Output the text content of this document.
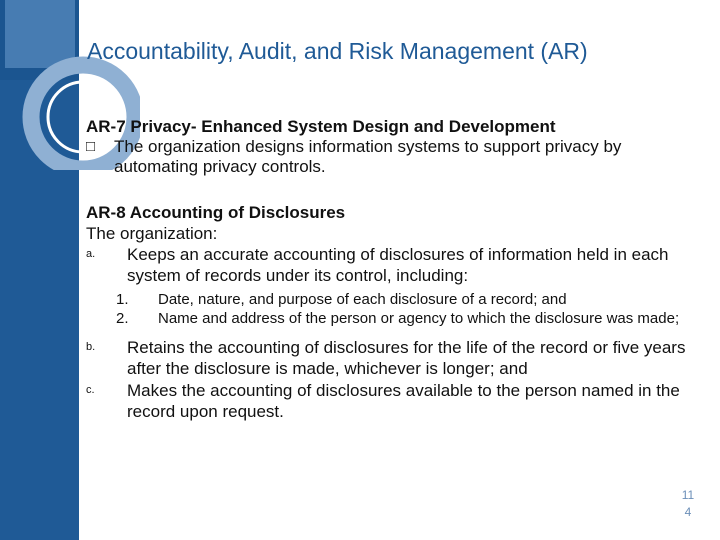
Accountability, Audit, and Risk Management (AR)
AR-7 Privacy- Enhanced System Design and Development
□	The organization designs information systems to support privacy by automating privacy controls.
AR-8 Accounting of Disclosures
The organization:
a. Keeps an accurate accounting of disclosures of information held in each system of records under its control, including:
1. Date, nature, and purpose of each disclosure of a record; and
2. Name and address of the person or agency to which the disclosure was made;
b. Retains the accounting of disclosures for the life of the record or five years after the disclosure is made, whichever is longer; and
c. Makes the accounting of disclosures available to the person named in the record upon request.
11
4
